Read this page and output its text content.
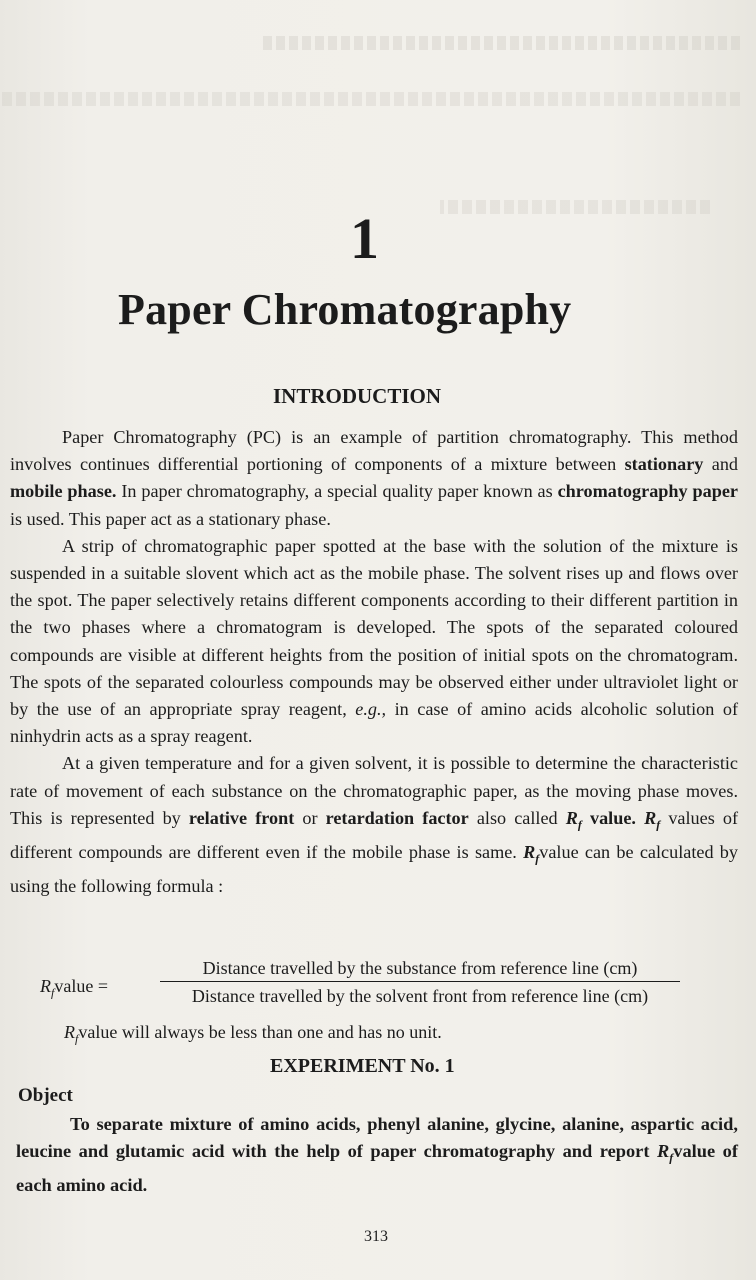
1
Paper Chromatography
INTRODUCTION

Paper Chromatography (PC) is an example of partition chromatography. This method involves continues differential portioning of components of a mixture between stationary and mobile phase. In paper chromatography, a special quality paper known as chromatography paper is used. This paper act as a stationary phase.

A strip of chromatographic paper spotted at the base with the solution of the mixture is suspended in a suitable slovent which act as the mobile phase. The solvent rises up and flows over the spot. The paper selectively retains different components according to their different partition in the two phases where a chromatogram is developed. The spots of the separated coloured compounds are visible at different heights from the position of initial spots on the chromatogram. The spots of the separated colourless compounds may be observed either under ultraviolet light or by the use of an appropriate spray reagent, e.g., in case of amino acids alcoholic solution of ninhydrin acts as a spray reagent.

At a given temperature and for a given solvent, it is possible to determine the characteristic rate of movement of each substance on the chromatographic paper, as the moving phase moves. This is represented by relative front or retardation factor also called $R_f$ value. $R_f$ values of different compounds are different even if the mobile phase is same. $R_fvalue$ can be calculated by using the following formula :

$R_fvalue$ =
Distance travelled by the substance from reference line (cm)
Distance travelled by the solvent front from reference line (cm)
$R_fvalue$ will always be less than one and has no unit.
EXPERIMENT No. 1
Object
To separate mixture of amino acids, phenyl alanine, glycine, alanine, aspartic acid, leucine and glutamic acid with the help of paper chromatography and report $R_fvalue$ of each amino acid.
313
